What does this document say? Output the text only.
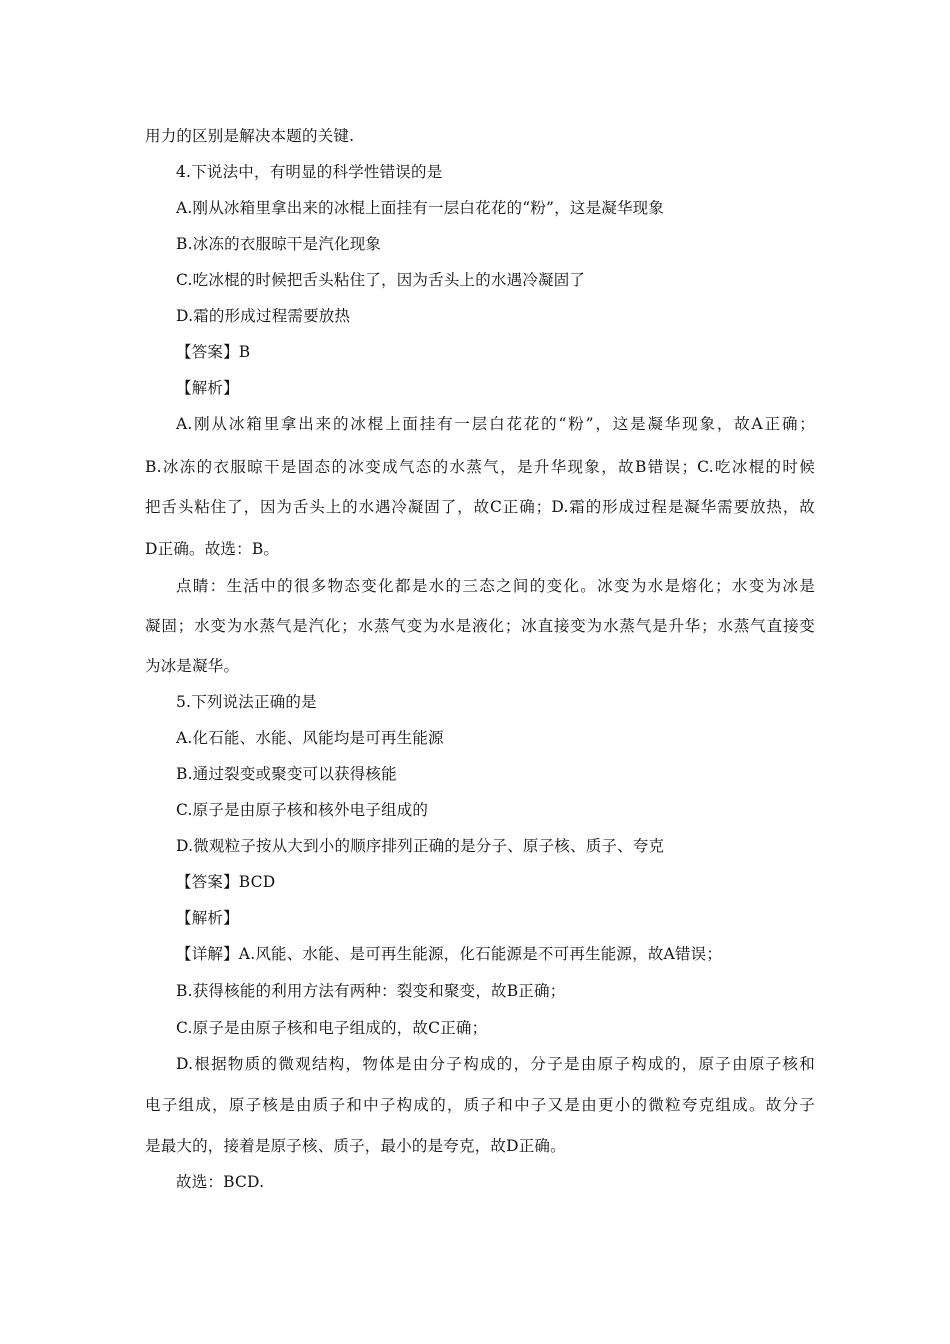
用力的区别是解决本题的关键.
4.下说法中，有明显的科学性错误的是
A.刚从冰箱里拿出来的冰棍上面挂有一层白花花的“粉”，这是凝华现象
B.冰冻的衣服晾干是汽化现象
C.吃冰棍的时候把舌头粘住了，因为舌头上的水遇冷凝固了
D.霜的形成过程需要放热
【答案】B
【解析】
A.刚从冰箱里拿出来的冰棍上面挂有一层白花花的“粉”，这是凝华现象，故A正确；
B.冰冻的衣服晾干是固态的冰变成气态的水蒸气，是升华现象，故B错误；C.吃冰棍的时候
把舌头粘住了，因为舌头上的水遇冷凝固了，故C正确；D.霜的形成过程是凝华需要放热，故
D正确。故选：B。
点睛：生活中的很多物态变化都是水的三态之间的变化。冰变为水是熔化；水变为冰是
凝固；水变为水蒸气是汽化；水蒸气变为水是液化；冰直接变为水蒸气是升华；水蒸气直接变
为冰是凝华。
5.下列说法正确的是
A.化石能、水能、风能均是可再生能源
B.通过裂变或聚变可以获得核能
C.原子是由原子核和核外电子组成的
D.微观粒子按从大到小的顺序排列正确的是分子、原子核、质子、夸克
【答案】BCD
【解析】
【详解】A.风能、水能、是可再生能源，化石能源是不可再生能源，故A错误；
B.获得核能的利用方法有两种：裂变和聚变，故B正确；
C.原子是由原子核和电子组成的，故C正确；
D.根据物质的微观结构，物体是由分子构成的，分子是由原子构成的，原子由原子核和
电子组成，原子核是由质子和中子构成的，质子和中子又是由更小的微粒夸克组成。故分子
是最大的，接着是原子核、质子，最小的是夸克，故D正确。
故选：BCD.
